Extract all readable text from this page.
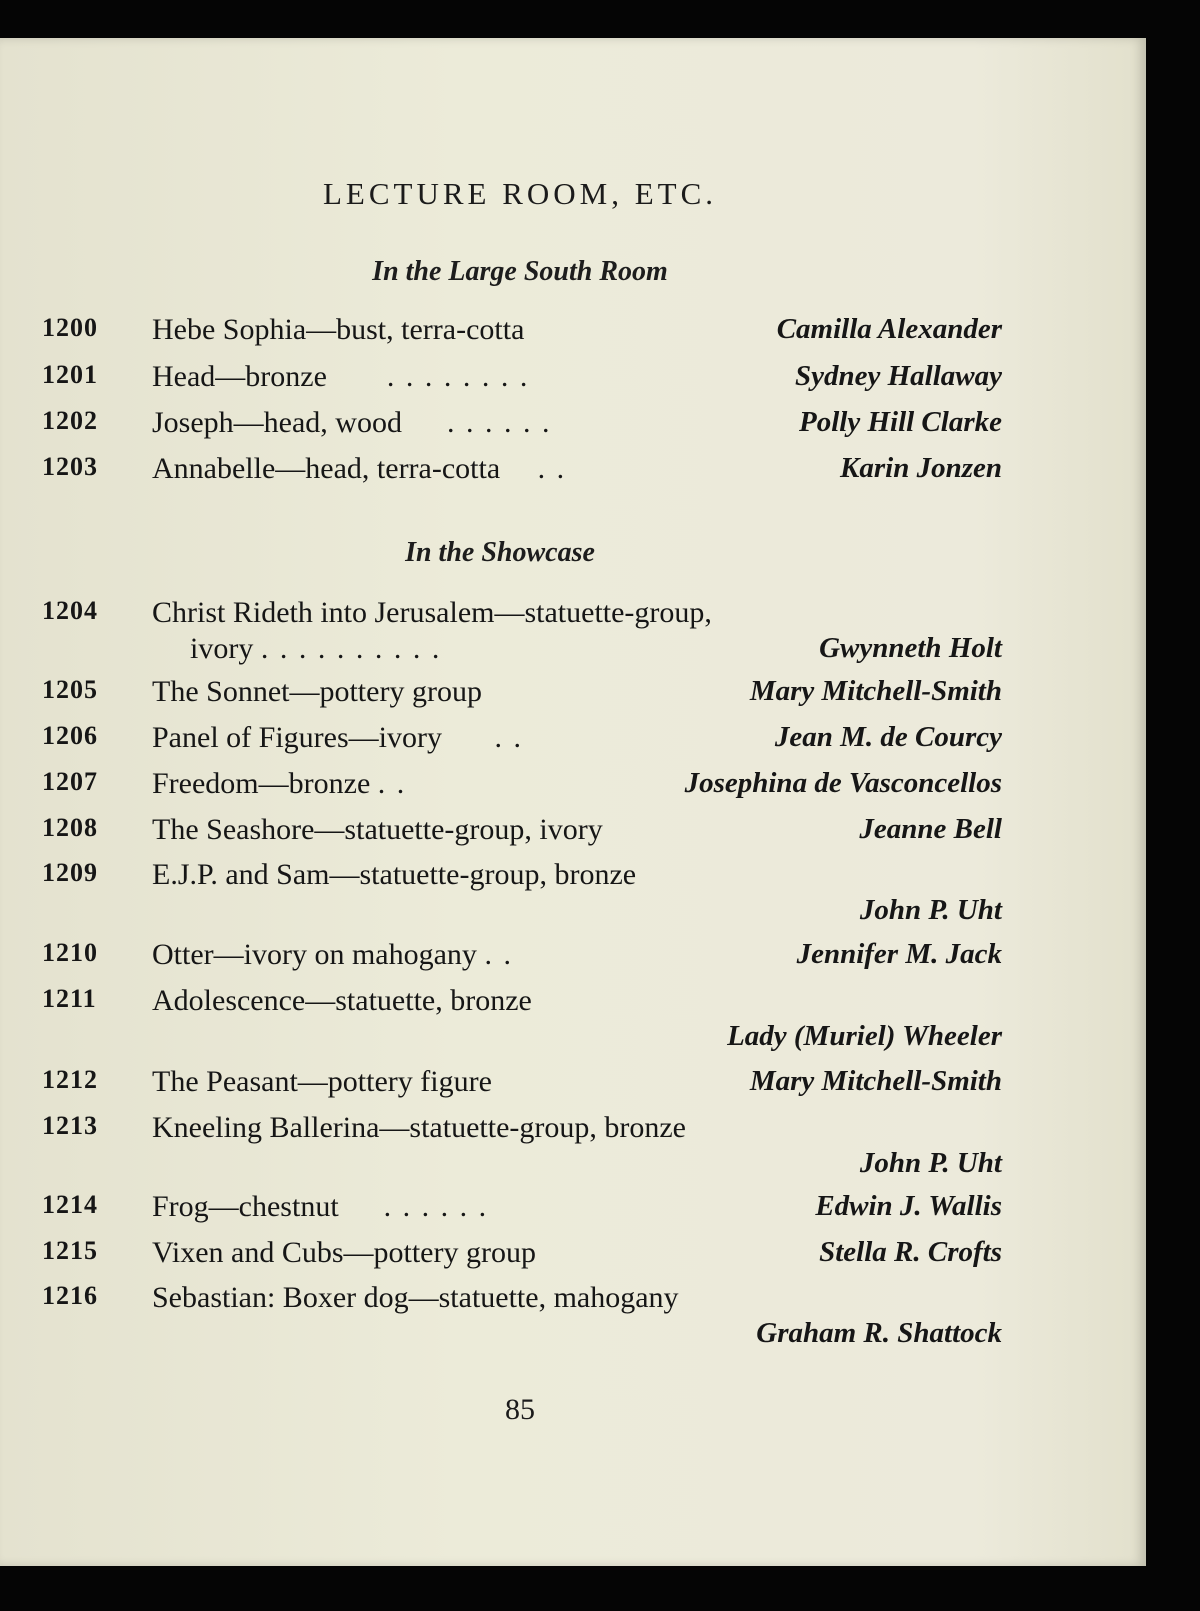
LECTURE ROOM, ETC.
In the Large South Room
1200 Hebe Sophia—bust, terra-cotta	Camilla Alexander
1201 Head—bronze . . . . . . . .	Sydney Hallaway
1202 Joseph—head, wood . . . . . .	Polly Hill Clarke
1203 Annabelle—head, terra-cotta . .	Karin Jonzen
In the Showcase
1204 Christ Rideth into Jerusalem—statuette-group,
ivory . . . . . . . . . .	Gwynneth Holt
1205 The Sonnet—pottery group	Mary Mitchell-Smith
1206 Panel of Figures—ivory . .	Jean M. de Courcy
1207 Freedom—bronze . .	Josephina de Vasconcellos
1208 The Seashore—statuette-group, ivory	Jeanne Bell
1209 E.J.P. and Sam—statuette-group, bronze
John P. Uht
1210 Otter—ivory on mahogany . .	Jennifer M. Jack
1211 Adolescence—statuette, bronze
Lady (Muriel) Wheeler
1212 The Peasant—pottery figure	Mary Mitchell-Smith
1213 Kneeling Ballerina—statuette-group, bronze
John P. Uht
1214 Frog—chestnut . . . . . .	Edwin J. Wallis
1215 Vixen and Cubs—pottery group	Stella R. Crofts
1216 Sebastian: Boxer dog—statuette, mahogany
Graham R. Shattock
85
